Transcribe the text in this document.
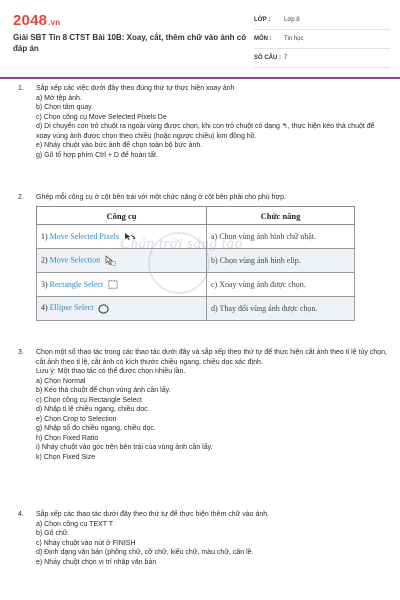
2048.vn
Giải SBT Tin 8 CTST Bài 10B: Xoay, cắt, thêm chữ vào ảnh có đáp án
LỚP : Lớp 8
MÔN : Tin học
SỐ CÂU : 7
1. Sắp xếp các việc dưới đây theo đúng thứ tự thực hiện xoay ảnh
a) Mở tệp ảnh.
b) Chọn tâm quay.
c) Chọn công cụ Move Selected Pixels De
d) Di chuyển con trỏ chuột ra ngoài vùng được chọn, khi con trỏ chuột có dạng ↰, thực hiện kéo thả chuột để xoay vùng ảnh được chọn theo chiều (hoặc ngược chiều) kim đồng hồ.
e) Nháy chuột vào bức ảnh để chọn toàn bộ bức ảnh.
g) Gõ tổ hợp phím Ctrl + D để hoàn tất.
2. Ghép mỗi công cụ ở cột bên trái với một chức năng ở cột bên phải cho phù hợp.
Công cụ	Chức năng
1) Move Selected Pixels	a) Chọn vùng ảnh hình chữ nhật.
2) Move Selection	b) Chọn vùng ảnh hình elip.
3) Rectangle Select	c) Xoay vùng ảnh được chọn.
4) Ellipse Select	d) Thay đổi vùng ảnh được chọn.
Chân trời sáng tạo
3. Chọn một số thao tác trong các thao tác dưới đây và sắp xếp theo thứ tự để thực hiện cắt ảnh theo tỉ lệ tùy chọn, cắt ảnh theo tỉ lệ, cắt ảnh có kích thước chiều ngang, chiều dọc xác định.
Lưu ý: Một thao tác có thể được chọn nhiều lần.
a) Chọn Normal
b) Kéo thả chuột để chọn vùng ảnh cần lấy.
c) Chọn công cụ Rectangle Select
d) Nhập tỉ lệ chiều ngang, chiều dọc.
e) Chọn Crop to Selection
g) Nhập số đo chiều ngang, chiều dọc.
h) Chọn Fixed Ratio
i) Nháy chuột vào góc trên bên trái của vùng ảnh cần lấy.
k) Chọn Fixed Size
4. Sắp xếp các thao tác dưới đây theo thứ tự để thực hiện thêm chữ vào ảnh.
a) Chọn công cụ TEXT T
b) Gõ chữ.
c) Nháy chuột vào nút ở FINISH
d) Định dạng văn bản (phông chữ, cỡ chữ, kiểu chữ, màu chữ, căn lề.
e) Nháy chuột chọn vị trí nhập văn bản
